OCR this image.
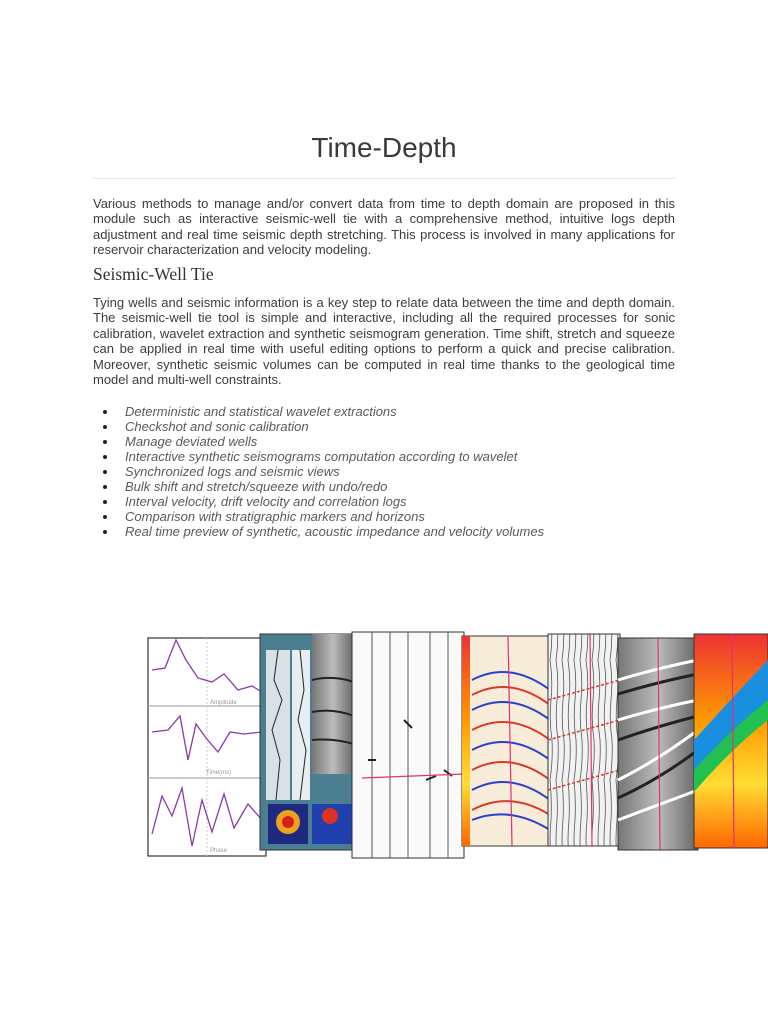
Time-Depth

Various methods to manage and/or convert data from time to depth domain are proposed in this module such as interactive seismic-well tie with a comprehensive method, intuitive logs depth adjustment and real time seismic depth stretching. This process is involved in many applications for reservoir characterization and velocity modeling.

Seismic-Well Tie

Tying wells and seismic information is a key step to relate data between the time and depth domain. The seismic-well tie tool is simple and interactive, including all the required processes for sonic calibration, wavelet extraction and synthetic seismogram generation. Time shift, stretch and squeeze can be applied in real time with useful editing options to perform a quick and precise calibration. Moreover, synthetic seismic volumes can be computed in real time thanks to the geological time model and multi-well constraints.

Deterministic and statistical wavelet extractions
Checkshot and sonic calibration
Manage deviated wells
Interactive synthetic seismograms computation according to wavelet
Synchronized logs and seismic views
Bulk shift and stretch/squeeze with undo/redo
Interval velocity, drift velocity and correlation logs
Comparison with stratigraphic markers and horizons
Real time preview of synthetic, acoustic impedance and velocity volumes
Amplitude
Time(ms)
Phase
